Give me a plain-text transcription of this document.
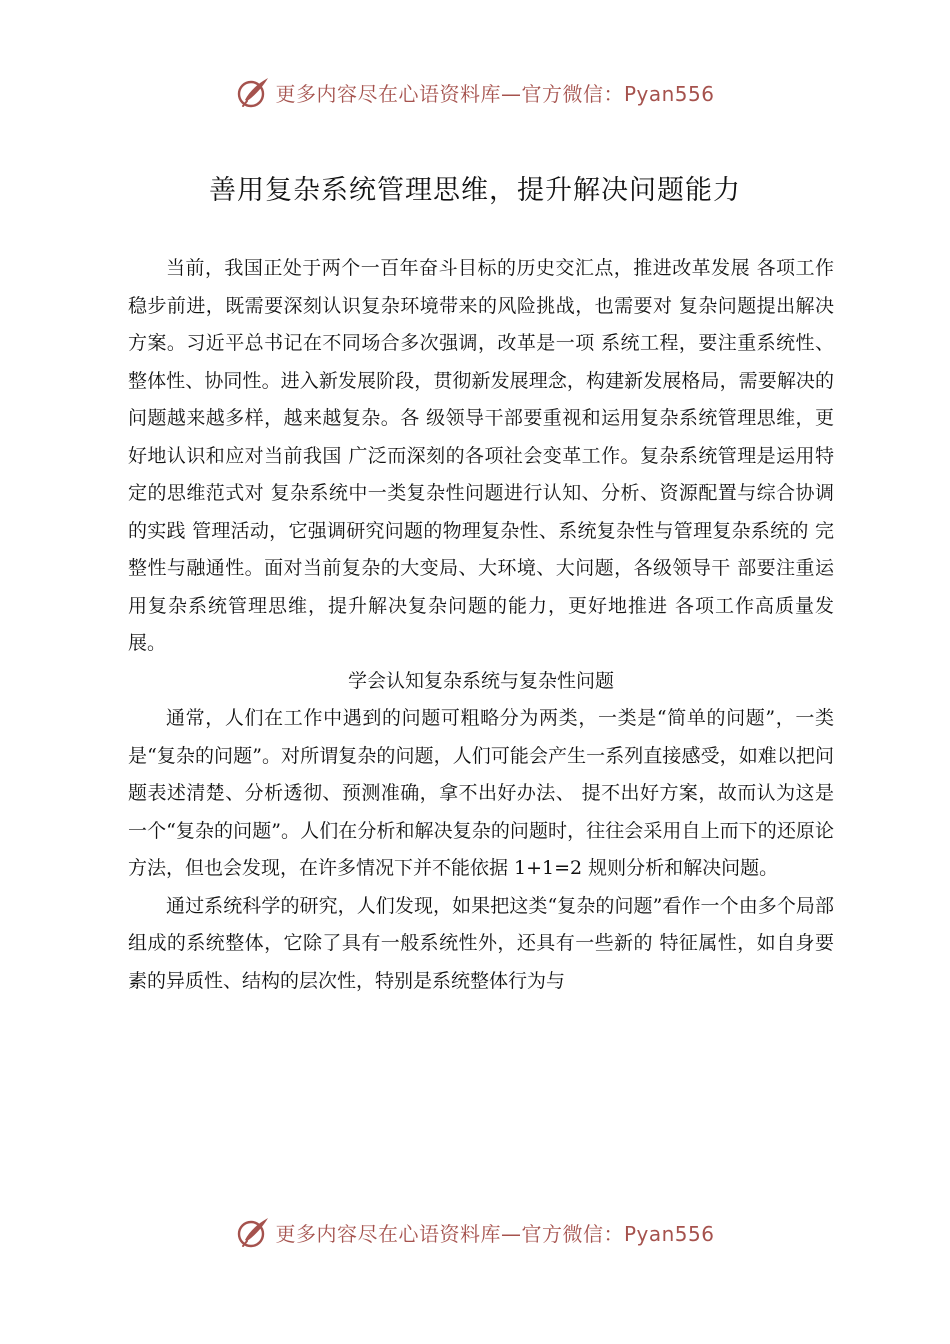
更多内容尽在心语资料库—官方微信：Pyan556
善用复杂系统管理思维，提升解决问题能力

当前，我国正处于两个一百年奋斗目标的历史交汇点，推进改革发展 各项工作稳步前进，既需要深刻认识复杂环境带来的风险挑战，也需要对 复杂问题提出解决方案。习近平总书记在不同场合多次强调，改革是一项 系统工程，要注重系统性、整体性、协同性。进入新发展阶段，贯彻新发展理念，构建新发展格局，需要解决的问题越来越多样，越来越复杂。各 级领导干部要重视和运用复杂系统管理思维，更好地认识和应对当前我国 广泛而深刻的各项社会变革工作。复杂系统管理是运用特定的思维范式对 复杂系统中一类复杂性问题进行认知、分析、资源配置与综合协调的实践 管理活动，它强调研究问题的物理复杂性、系统复杂性与管理复杂系统的 完整性与融通性。面对当前复杂的大变局、大环境、大问题，各级领导干 部要注重运用复杂系统管理思维，提升解决复杂问题的能力，更好地推进 各项工作高质量发展。

学会认知复杂系统与复杂性问题

通常，人们在工作中遇到的问题可粗略分为两类，一类是“简单的问题”，一类是“复杂的问题”。对所谓复杂的问题，人们可能会产生一系列直接感受，如难以把问题表述清楚、分析透彻、预测准确，拿不出好办法、 提不出好方案，故而认为这是一个“复杂的问题”。人们在分析和解决复杂的问题时，往往会采用自上而下的还原论方法，但也会发现，在许多情况下并不能依据 1+1=2 规则分析和解决问题。

通过系统科学的研究，人们发现，如果把这类“复杂的问题”看作一个由多个局部组成的系统整体，它除了具有一般系统性外，还具有一些新的 特征属性，如自身要素的异质性、结构的层次性，特别是系统整体行为与

更多内容尽在心语资料库—官方微信：Pyan556
